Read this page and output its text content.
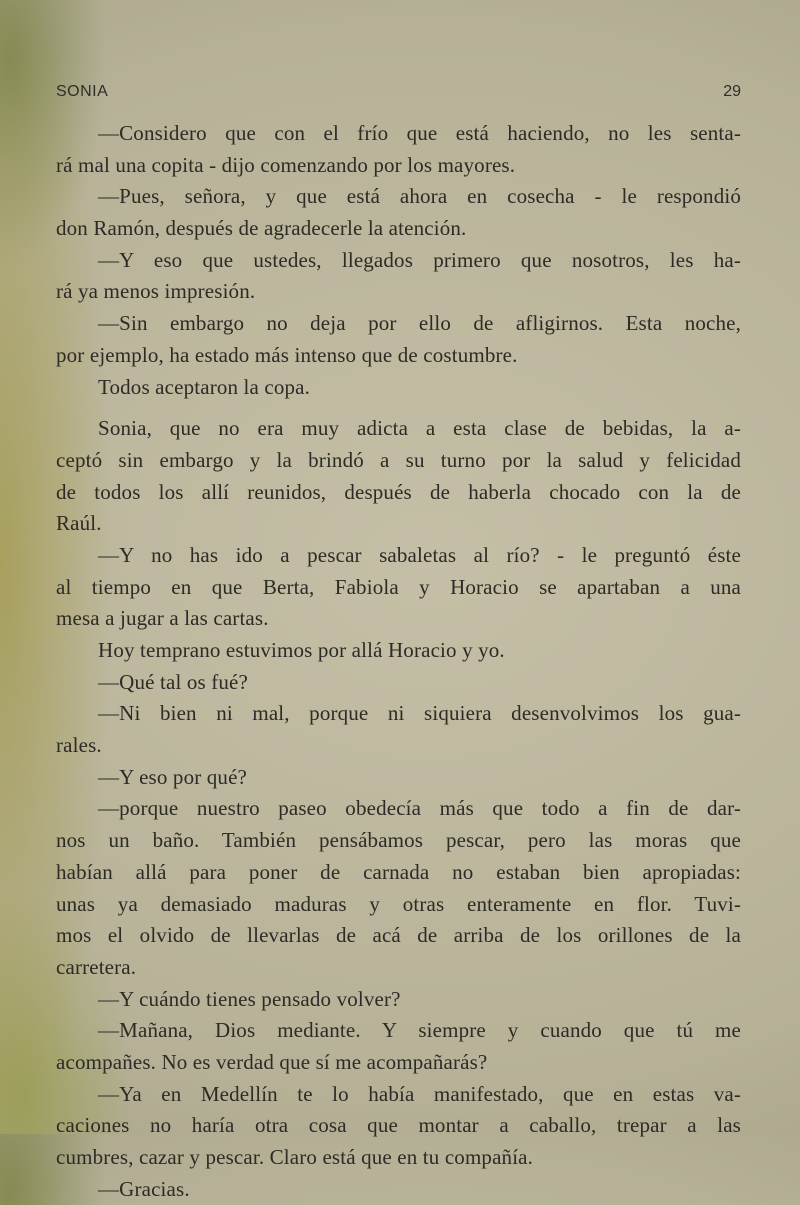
SONIA	29
—Considero que con el frío que está haciendo, no les senta-
rá mal una copita - dijo comenzando por los mayores.
—Pues, señora, y que está ahora en cosecha - le respondió
don Ramón, después de agradecerle la atención.
—Y eso que ustedes, llegados primero que nosotros, les ha-
rá ya menos impresión.
—Sin embargo no deja por ello de afligirnos. Esta noche,
por ejemplo, ha estado más intenso que de costumbre.
Todos aceptaron la copa.
Sonia, que no era muy adicta a esta clase de bebidas, la a-
ceptó sin embargo y la brindó a su turno por la salud y felicidad
de todos los allí reunidos, después de haberla chocado con la de
Raúl.
—Y no has ido a pescar sabaletas al río? - le preguntó éste
al tiempo en que Berta, Fabiola y Horacio se apartaban a una
mesa a jugar a las cartas.
Hoy temprano estuvimos por allá Horacio y yo.
—Qué tal os fué?
—Ni bien ni mal, porque ni siquiera desenvolvimos los gua-
rales.
—Y eso por qué?
—porque nuestro paseo obedecía más que todo a fin de dar-
nos un baño. También pensábamos pescar, pero las moras que
habían allá para poner de carnada no estaban bien apropiadas:
unas ya demasiado maduras y otras enteramente en flor. Tuvi-
mos el olvido de llevarlas de acá de arriba de los orillones de la
carretera.
—Y cuándo tienes pensado volver?
—Mañana, Dios mediante. Y siempre y cuando que tú me
acompañes. No es verdad que sí me acompañarás?
—Ya en Medellín te lo había manifestado, que en estas va-
caciones no haría otra cosa que montar a caballo, trepar a las
cumbres, cazar y pescar. Claro está que en tu compañía.
—Gracias.
